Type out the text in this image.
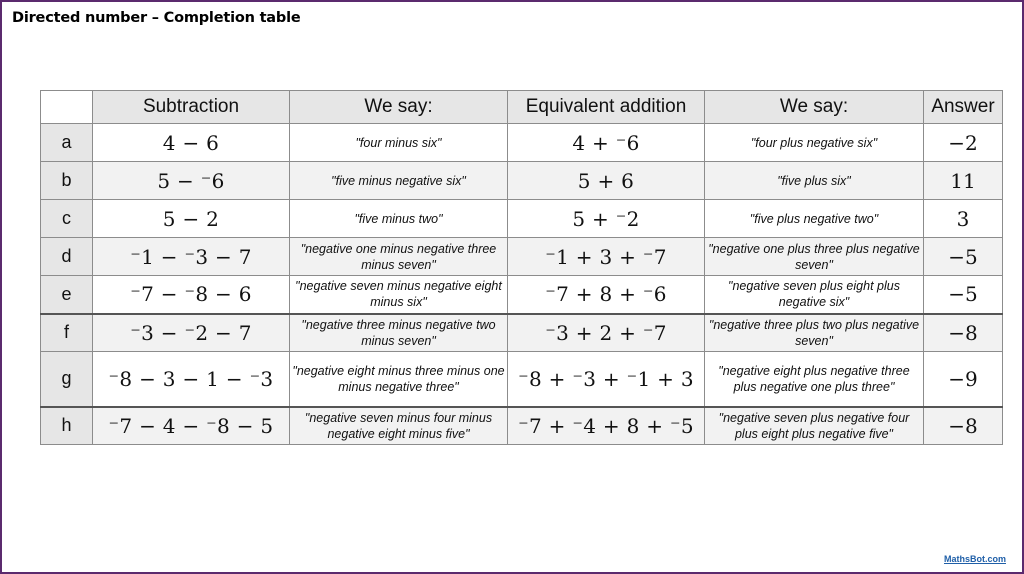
Directed number – Completion table
	Subtraction	We say:	Equivalent addition	We say:	Answer
a	4 − 6	"four minus six"	4 + ⁻6	"four plus negative six"	−2
b	5 − ⁻6	"five minus negative six"	5 + 6	"five plus six"	11
c	5 − 2	"five minus two"	5 + ⁻2	"five plus negative two"	3
d	⁻1 − ⁻3 − 7	"negative one minus negative three minus seven"	⁻1 + 3 + ⁻7	"negative one plus three plus negative seven"	−5
e	⁻7 − ⁻8 − 6	"negative seven minus negative eight minus six"	⁻7 + 8 + ⁻6	"negative seven plus eight plus negative six"	−5
f	⁻3 − ⁻2 − 7	"negative three minus negative two minus seven"	⁻3 + 2 + ⁻7	"negative three plus two plus negative seven"	−8
g	⁻8 − 3 − 1 − ⁻3	"negative eight minus three minus one minus negative three"	⁻8 + ⁻3 + ⁻1 + 3	"negative eight plus negative three plus negative one plus three"	−9
h	⁻7 − 4 − ⁻8 − 5	"negative seven minus four minus negative eight minus five"	⁻7 + ⁻4 + 8 + ⁻5	"negative seven plus negative four plus eight plus negative five"	−8
MathsBot.com
